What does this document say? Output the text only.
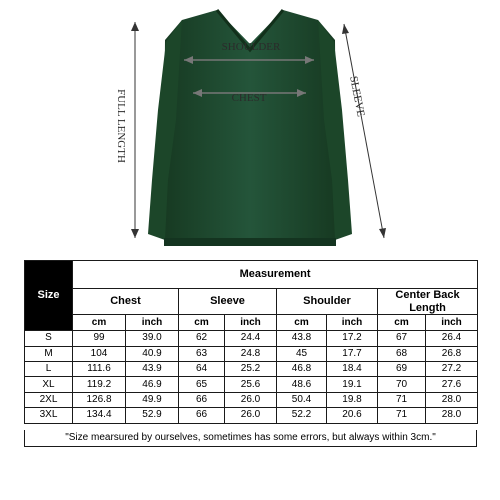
SHOULDER
CHEST
FULL LENGTH	SLEEVE
Size	Measurement							
	Chest		Sleeve		Shoulder		Center Back Length	
	cm	inch	cm	inch	cm	inch	cm	inch
S	99	39.0	62	24.4	43.8	17.2	67	26.4
M	104	40.9	63	24.8	45	17.7	68	26.8
L	111.6	43.9	64	25.2	46.8	18.4	69	27.2
XL	119.2	46.9	65	25.6	48.6	19.1	70	27.6
2XL	126.8	49.9	66	26.0	50.4	19.8	71	28.0
3XL	134.4	52.9	66	26.0	52.2	20.6	71	28.0
"Size mearsured by ourselves, sometimes has some errors, but always within 3cm."
